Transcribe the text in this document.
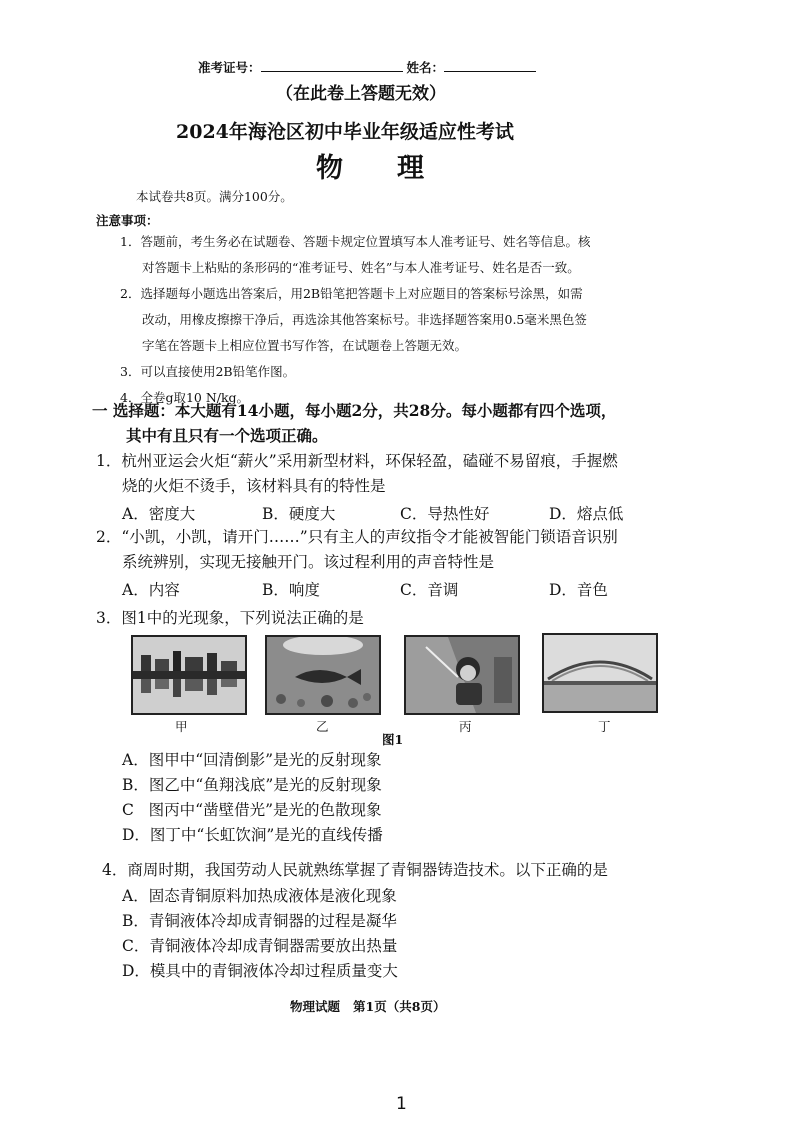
准考证号：	姓名：
（在此卷上答题无效）
2024年海沧区初中毕业年级适应性考试
物 理
本试卷共8页。满分100分。
注意事项：
1．答题前，考生务必在试题卷、答题卡规定位置填写本人准考证号、姓名等信息。核
对答题卡上粘贴的条形码的“准考证号、姓名”与本人准考证号、姓名是否一致。
2．选择题每小题选出答案后，用2B铅笔把答题卡上对应题目的答案标号涂黑，如需
改动，用橡皮擦擦干净后，再选涂其他答案标号。非选择题答案用0.5毫米黑色签
字笔在答题卡上相应位置书写作答，在试题卷上答题无效。
3．可以直接使用2B铅笔作图。
4．全卷g取10 N/kg。
一 选择题：本大题有14小题，每小题2分，共28分。每小题都有四个选项，
其中有且只有一个选项正确。
1．杭州亚运会火炬“薪火”采用新型材料，环保轻盈，磕碰不易留痕，手握燃
烧的火炬不烫手，该材料具有的特性是
A．密度大	B．硬度大	C．导热性好	D．熔点低
2．“小凯，小凯，请开门……”只有主人的声纹指令才能被智能门锁语音识别
系统辨别，实现无接触开门。该过程利用的声音特性是
A．内容	B．响度	C．音调	D．音色
3．图1中的光现象，下列说法正确的是
甲	乙	丙	丁
图1
A．图甲中“回清倒影”是光的反射现象
B．图乙中“鱼翔浅底”是光的反射现象
C   图丙中“凿壁借光”是光的色散现象
D．图丁中“长虹饮涧”是光的直线传播
4．商周时期，我国劳动人民就熟练掌握了青铜器铸造技术。以下正确的是
A．固态青铜原料加热成液体是液化现象
B．青铜液体冷却成青铜器的过程是凝华
C．青铜液体冷却成青铜器需要放出热量
D．模具中的青铜液体冷却过程质量变大
物理试题   第1页（共8页）
1
